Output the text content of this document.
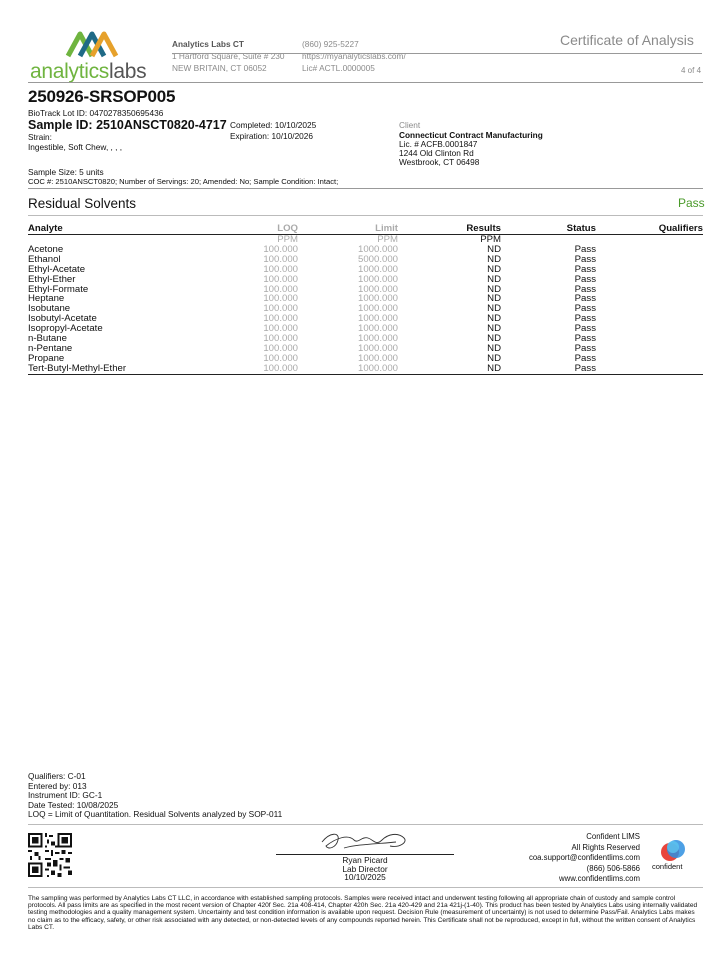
analyticslabs
Analytics Labs CT
1 Hartford Square, Suite # 230
NEW BRITAIN, CT 06052
(860) 925-5227
https://myanalyticslabs.com/
Lic# ACTL.0000005
Certificate of Analysis
4 of 4
250926-SRSOP005
BioTrack Lot ID: 0470278350695436
Sample ID: 2510ANSCT0820-4717
Strain:
Ingestible, Soft Chew, , , ,
Completed: 10/10/2025
Expiration: 10/10/2026
Client
Connecticut Contract Manufacturing
Lic. # ACFB.0001847
1244 Old Clinton Rd
Westbrook, CT 06498
Sample Size: 5 units
COC #: 2510ANSCT0820; Number of Servings: 20; Amended: No; Sample Condition: Intact;
Residual Solvents	Pass
Analyte	LOQ	Limit	Results	Status	Qualifiers
	PPM	PPM	PPM		
Acetone	100.000	1000.000	ND	Pass	
Ethanol	100.000	5000.000	ND	Pass	
Ethyl-Acetate	100.000	1000.000	ND	Pass	
Ethyl-Ether	100.000	1000.000	ND	Pass	
Ethyl-Formate	100.000	1000.000	ND	Pass	
Heptane	100.000	1000.000	ND	Pass	
Isobutane	100.000	1000.000	ND	Pass	
Isobutyl-Acetate	100.000	1000.000	ND	Pass	
Isopropyl-Acetate	100.000	1000.000	ND	Pass	
n-Butane	100.000	1000.000	ND	Pass	
n-Pentane	100.000	1000.000	ND	Pass	
Propane	100.000	1000.000	ND	Pass	
Tert-Butyl-Methyl-Ether	100.000	1000.000	ND	Pass	
Qualifiers: C-01
Entered by: 013
Instrument ID: GC-1
Date Tested: 10/08/2025
LOQ = Limit of Quantitation. Residual Solvents analyzed by SOP-011
Ryan Picard
Lab Director
10/10/2025
Confident LIMS
All Rights Reserved
coa.support@confidentlims.com
(866) 506-5866
www.confidentlims.com
confident
The sampling was performed by Analytics Labs CT LLC, in accordance with established sampling protocols. Samples were received intact and underwent testing following all appropriate chain of custody and sample control protocols. All pass limits are as specified in the most recent version of Chapter 420f Sec. 21a 408-414, Chapter 420h Sec. 21a 420-429 and 21a 421j-(1-40). This product has been tested by Analytics Labs using internally validated testing methodologies and a quality management system. Uncertainty and test condition information is available upon request. Decision Rule (measurement of uncertainty) is not used to determine Pass/Fail. Analytics Labs makes no claim as to the efficacy, safety, or other risk associated with any detected, or non-detected levels of any compounds reported herein. This Certificate shall not be reproduced, except in full, without the written consent of Analytics Labs CT.
